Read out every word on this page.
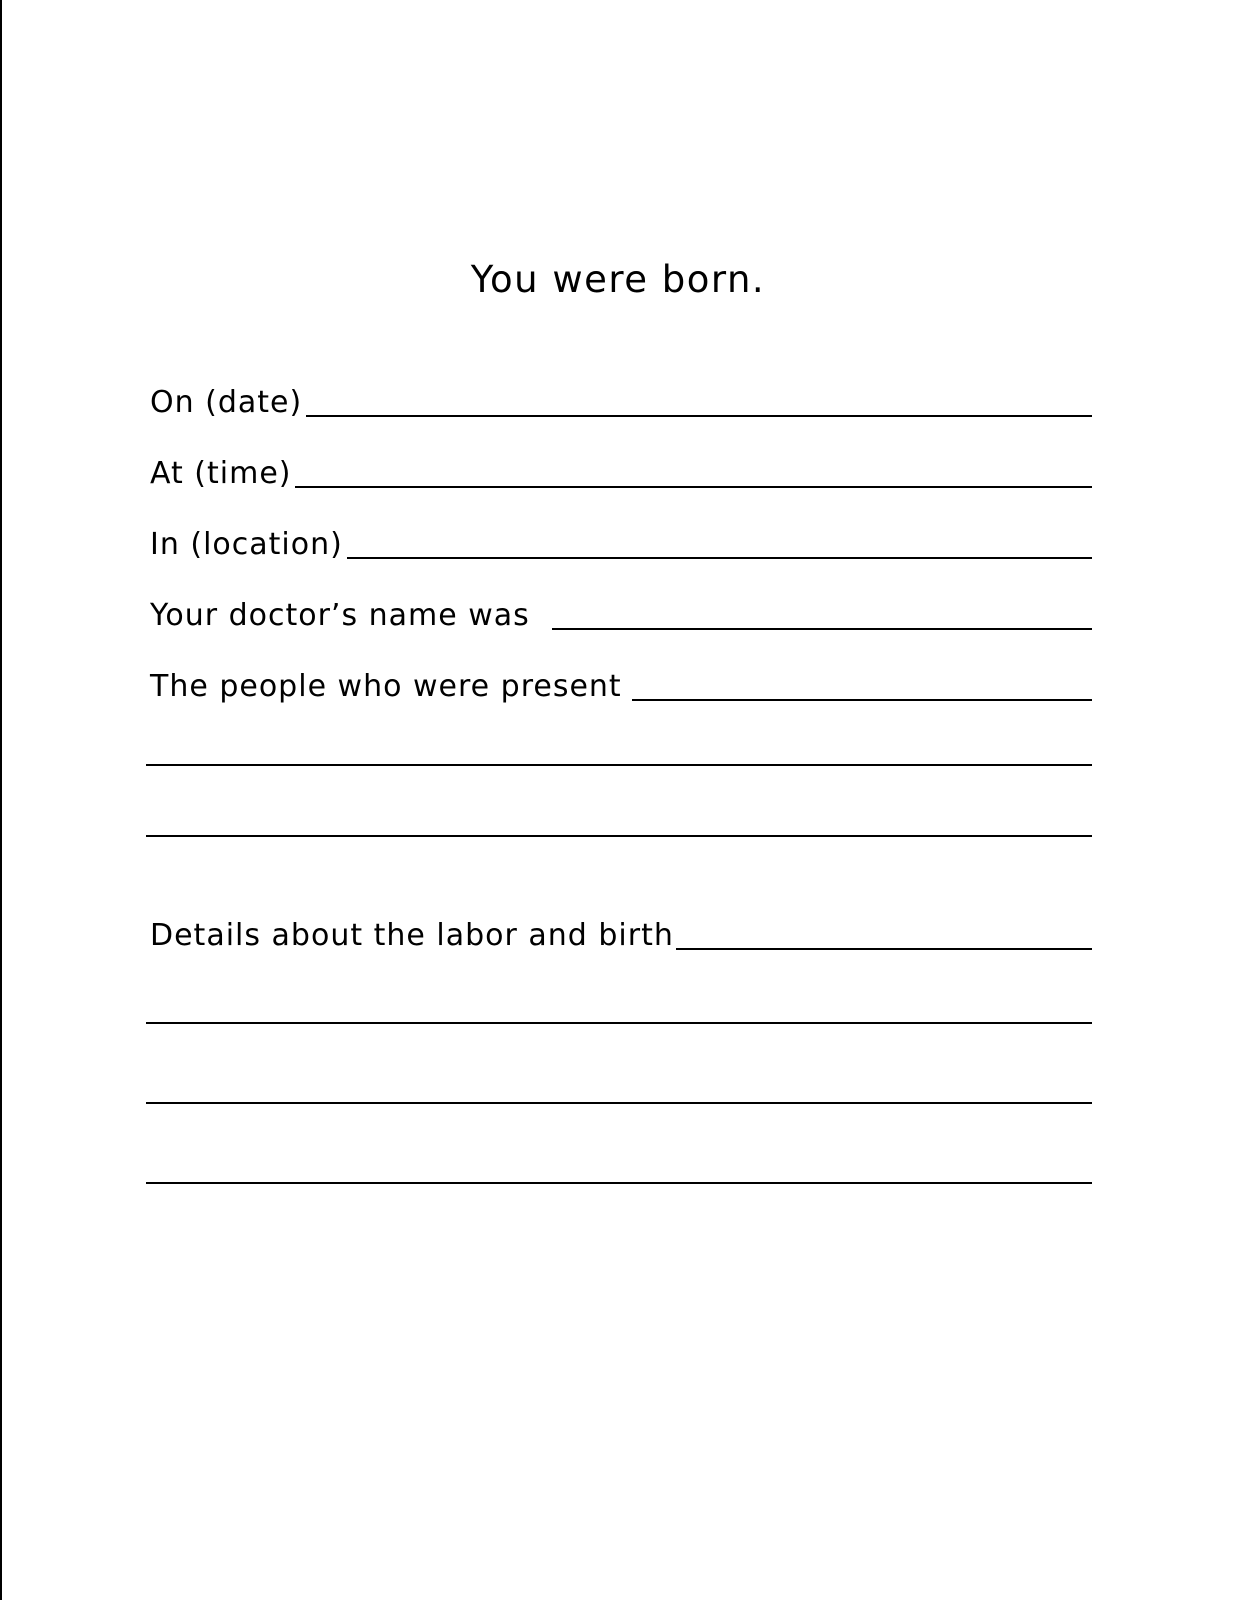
You were born.
On (date)
At (time)
In (location)
Your doctor’s name was
The people who were present
Details about the labor and birth
